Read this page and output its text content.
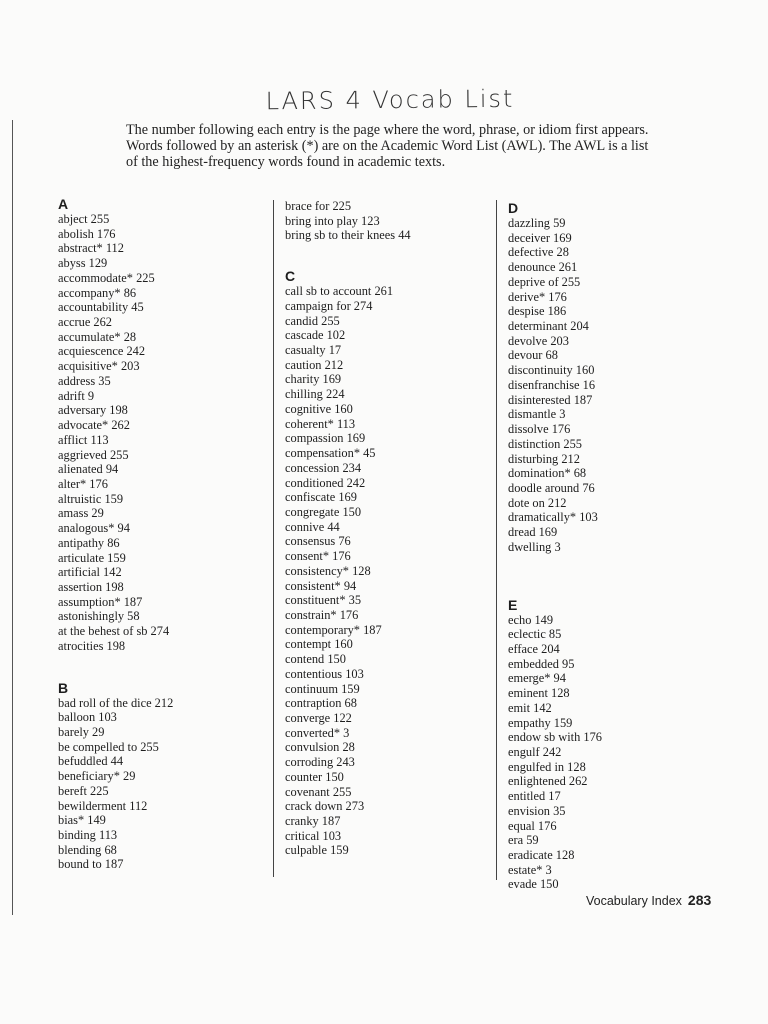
LARS 4 Vocab List
The number following each entry is the page where the word, phrase, or idiom first appears. Words followed by an asterisk (*) are on the Academic Word List (AWL). The AWL is a list of the highest-frequency words found in academic texts.
A
abject 255
abolish 176
abstract* 112
abyss 129
accommodate* 225
accompany* 86
accountability 45
accrue 262
accumulate* 28
acquiescence 242
acquisitive* 203
address 35
adrift 9
adversary 198
advocate* 262
afflict 113
aggrieved 255
alienated 94
alter* 176
altruistic 159
amass 29
analogous* 94
antipathy 86
articulate 159
artificial 142
assertion 198
assumption* 187
astonishingly 58
at the behest of sb 274
atrocities 198
B
bad roll of the dice 212
balloon 103
barely 29
be compelled to 255
befuddled 44
beneficiary* 29
bereft 225
bewilderment 112
bias* 149
binding 113
blending 68
bound to 187
brace for 225
bring into play 123
bring sb to their knees 44
C
call sb to account 261
campaign for 274
candid 255
cascade 102
casualty 17
caution 212
charity 169
chilling 224
cognitive 160
coherent* 113
compassion 169
compensation* 45
concession 234
conditioned 242
confiscate 169
congregate 150
connive 44
consensus 76
consent* 176
consistency* 128
consistent* 94
constituent* 35
constrain* 176
contemporary* 187
contempt 160
contend 150
contentious 103
continuum 159
contraption 68
converge 122
converted* 3
convulsion 28
corroding 243
counter 150
covenant 255
crack down 273
cranky 187
critical 103
culpable 159
D
dazzling 59
deceiver 169
defective 28
denounce 261
deprive of 255
derive* 176
despise 186
determinant 204
devolve 203
devour 68
discontinuity 160
disenfranchise 16
disinterested 187
dismantle 3
dissolve 176
distinction 255
disturbing 212
domination* 68
doodle around 76
dote on 212
dramatically* 103
dread 169
dwelling 3
E
echo 149
eclectic 85
efface 204
embedded 95
emerge* 94
eminent 128
emit 142
empathy 159
endow sb with 176
engulf 242
engulfed in 128
enlightened 262
entitled 17
envision 35
equal 176
era 59
eradicate 128
estate* 3
evade 150
Vocabulary Index 283
